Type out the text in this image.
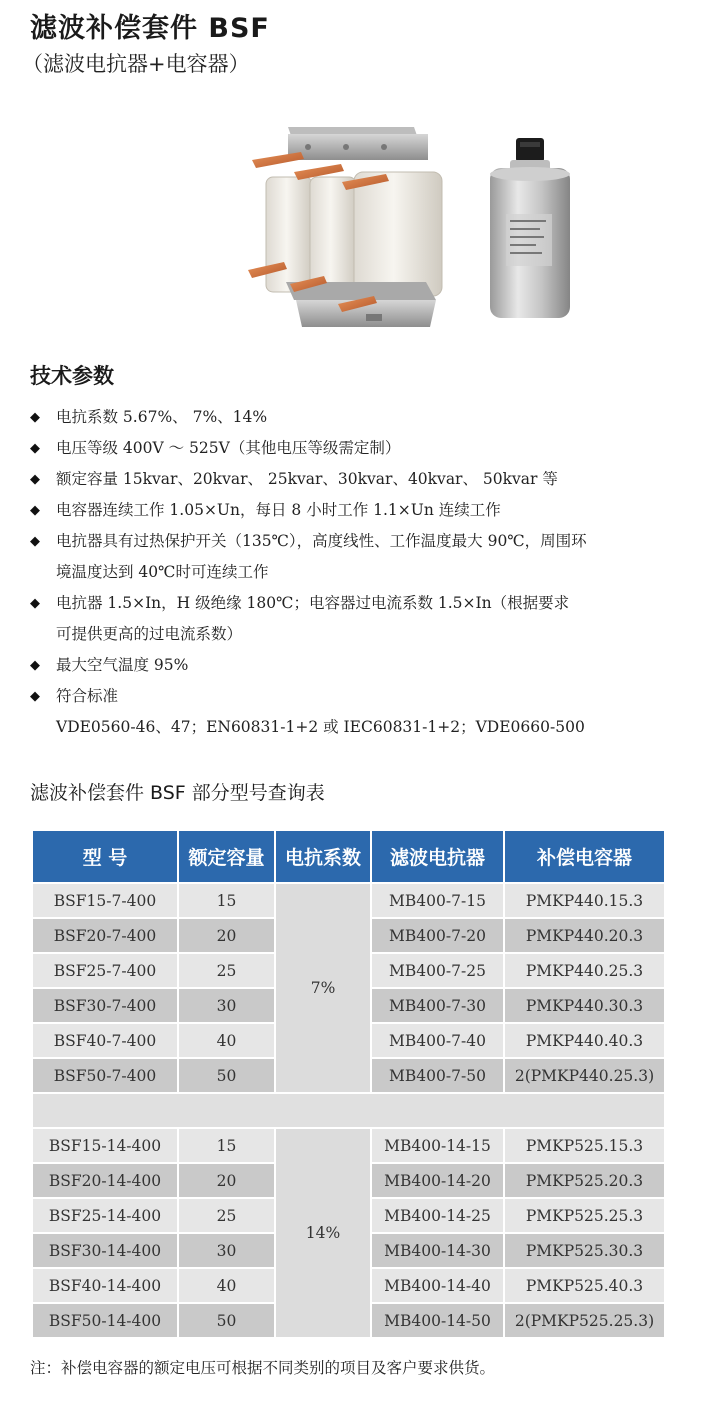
滤波补偿套件 BSF
（滤波电抗器+电容器）
技术参数
◆ 电抗系数 5.67%、 7%、14%
◆ 电压等级 400V ～ 525V（其他电压等级需定制）
◆ 额定容量 15kvar、20kvar、 25kvar、30kvar、40kvar、 50kvar 等
◆ 电容器连续工作 1.05×Un，每日 8 小时工作 1.1×Un 连续工作
◆ 电抗器具有过热保护开关（135℃），高度线性、工作温度最大 90℃，周围环
境温度达到 40℃时可连续工作
◆ 电抗器 1.5×In，H 级绝缘 180℃；电容器过电流系数 1.5×In（根据要求
可提供更高的过电流系数）
◆ 最大空气温度 95%
◆ 符合标准
VDE0560-46、47；EN60831-1+2 或 IEC60831-1+2；VDE0660-500
滤波补偿套件 BSF 部分型号查询表
型 号	额定容量	电抗系数	滤波电抗器	补偿电容器
BSF15-7-400	15	7%	MB400-7-15	PMKP440.15.3
BSF20-7-400	20		MB400-7-20	PMKP440.20.3
BSF25-7-400	25		MB400-7-25	PMKP440.25.3
BSF30-7-400	30		MB400-7-30	PMKP440.30.3
BSF40-7-400	40		MB400-7-40	PMKP440.40.3
BSF50-7-400	50		MB400-7-50	2(PMKP440.25.3)

BSF15-14-400	15	14%	MB400-14-15	PMKP525.15.3
BSF20-14-400	20		MB400-14-20	PMKP525.20.3
BSF25-14-400	25		MB400-14-25	PMKP525.25.3
BSF30-14-400	30		MB400-14-30	PMKP525.30.3
BSF40-14-400	40		MB400-14-40	PMKP525.40.3
BSF50-14-400	50		MB400-14-50	2(PMKP525.25.3)
注：补偿电容器的额定电压可根据不同类别的项目及客户要求供货。
